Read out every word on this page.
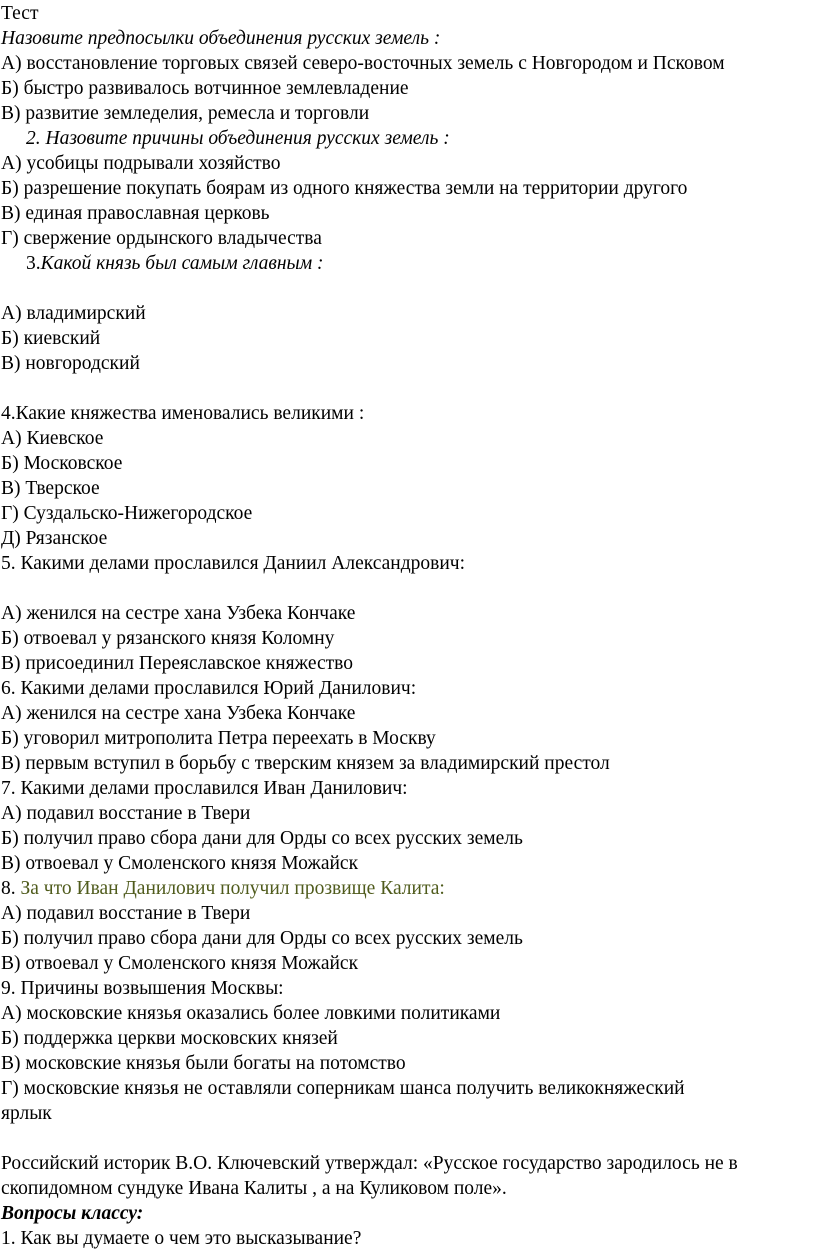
Тест
Назовите предпосылки объединения русских земель :
А) восстановление торговых связей северо-восточных земель с Новгородом и Псковом
Б) быстро развивалось вотчинное землевладение
В) развитие земледелия, ремесла и торговли
2. Назовите причины объединения русских земель :
А) усобицы подрывали хозяйство
Б) разрешение покупать боярам из одного княжества земли на территории другого
В) единая православная церковь
Г) свержение ордынского владычества
3.Какой князь был самым главным :
А) владимирский
Б) киевский
В) новгородский
4.Какие княжества именовались великими :
А) Киевское
Б) Московское
В) Тверское
Г) Суздальско-Нижегородское
Д) Рязанское
5. Какими делами прославился Даниил Александрович:
А) женился на сестре хана Узбека Кончаке
Б) отвоевал у рязанского князя Коломну
В) присоединил Переяславское княжество
6. Какими делами прославился Юрий Данилович:
А) женился на сестре хана Узбека Кончаке
Б) уговорил митрополита Петра переехать в Москву
В) первым вступил в борьбу с тверским князем за владимирский престол
7. Какими делами прославился Иван Данилович:
А) подавил восстание в Твери
Б) получил право сбора дани для Орды со всех русских земель
В) отвоевал у Смоленского князя Можайск
8. За что Иван Данилович получил прозвище Калита:
А) подавил восстание в Твери
Б) получил право сбора дани для Орды со всех русских земель
В) отвоевал у Смоленского князя Можайск
9. Причины возвышения Москвы:
А) московские князья оказались более ловкими политиками
Б) поддержка церкви московских князей
В) московские князья были богаты на потомство
Г) московские князья не оставляли соперникам шанса получить великокняжеский
ярлык
Российский историк В.О. Ключевский утверждал: «Русское государство зародилось не в
скопидомном сундуке Ивана Калиты , а на Куликовом поле».
Вопросы классу:
1. Как вы думаете о чем это высказывание?
